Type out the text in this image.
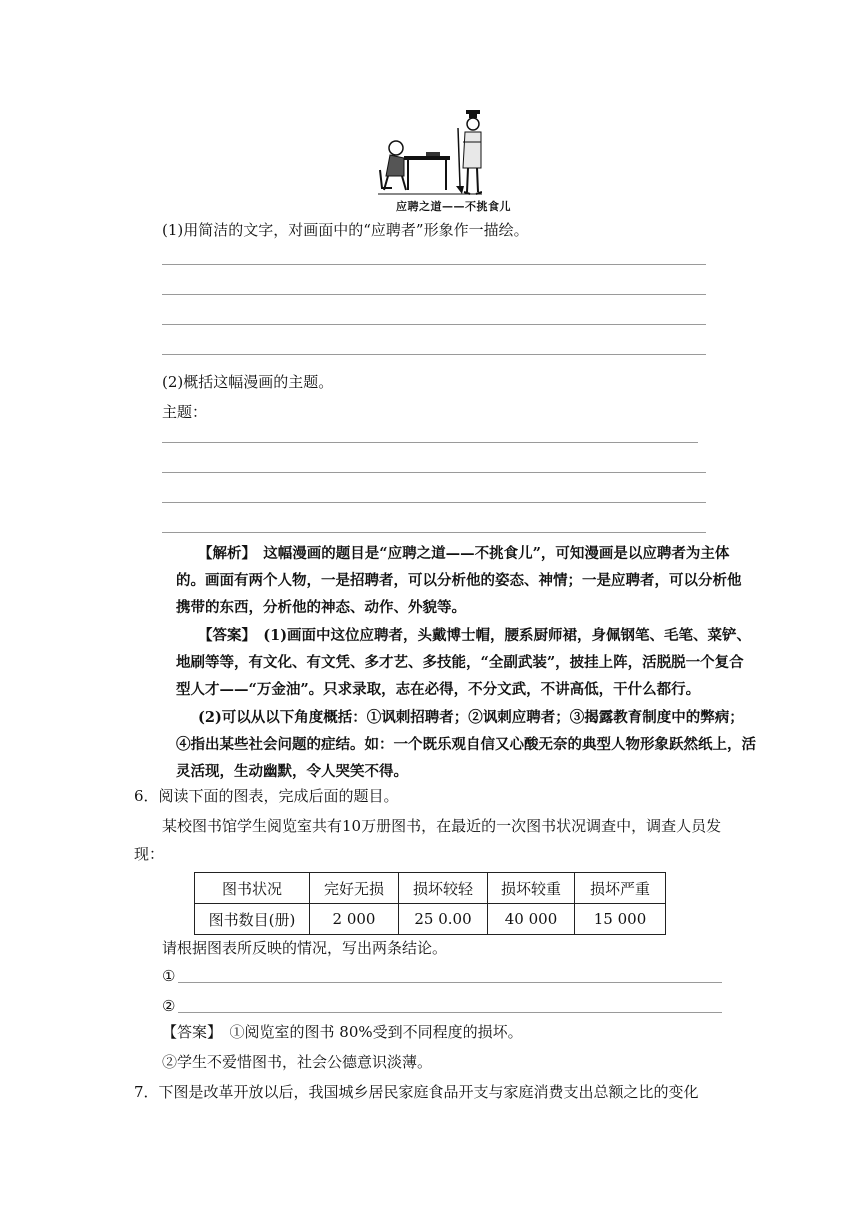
应聘之道——不挑食儿
(1)用简洁的文字，对画面中的“应聘者”形象作一描绘。
(2)概括这幅漫画的主题。
主题：
【解析】　这幅漫画的题目是“应聘之道——不挑食儿”，可知漫画是以应聘者为主体
的。画面有两个人物，一是招聘者，可以分析他的姿态、神情；一是应聘者，可以分析他
携带的东西，分析他的神态、动作、外貌等。
【答案】　(1)画面中这位应聘者，头戴博士帽，腰系厨师裙，身佩钢笔、毛笔、菜铲、
地刷等等，有文化、有文凭、多才艺、多技能，“全副武装”，披挂上阵，活脱脱一个复合
型人才——“万金油”。只求录取，志在必得，不分文武，不讲高低，干什么都行。
(2)可以从以下角度概括：①讽刺招聘者；②讽刺应聘者；③揭露教育制度中的弊病；
④指出某些社会问题的症结。如：一个既乐观自信又心酸无奈的典型人物形象跃然纸上，活
灵活现，生动幽默，令人哭笑不得。
6．阅读下面的图表，完成后面的题目。
某校图书馆学生阅览室共有10万册图书，在最近的一次图书状况调查中，调查人员发
现：
图书状况	完好无损	损坏较轻	损坏较重	损坏严重
图书数目(册)	2 000	25 0.00	40 000	15 000
请根据图表所反映的情况，写出两条结论。
①
②
【答案】　①阅览室的图书 80%受到不同程度的损坏。
②学生不爱惜图书，社会公德意识淡薄。
7．下图是改革开放以后，我国城乡居民家庭食品开支与家庭消费支出总额之比的变化
